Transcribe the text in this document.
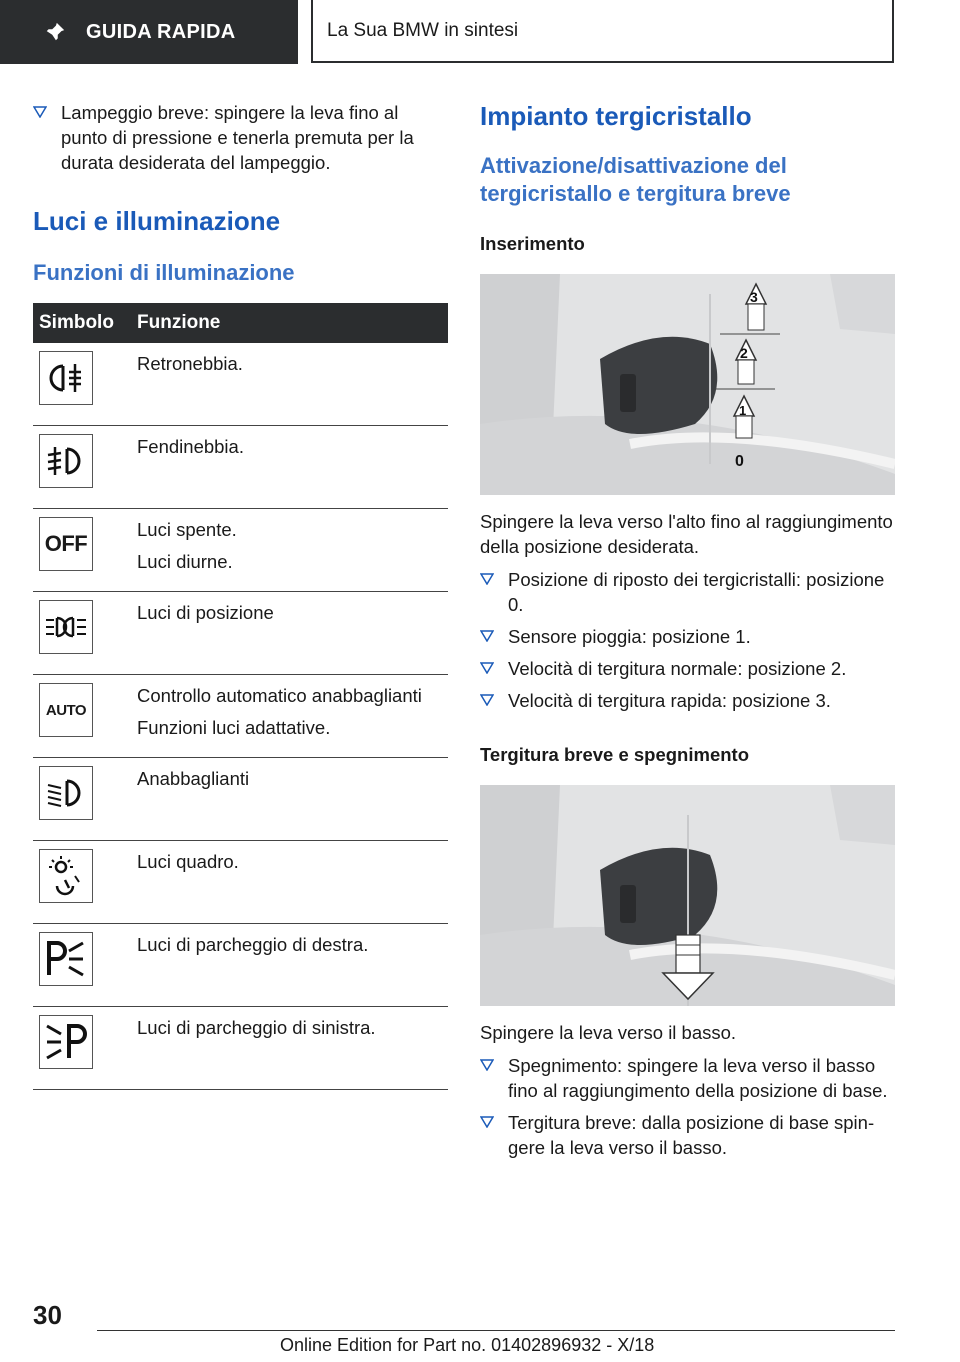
GUIDA RAPIDA	La Sua BMW in sintesi
Lampeggio breve: spingere la leva fino al punto di pressione e tenerla premuta per la durata desiderata del lampeggio.
Luci e illuminazione
Funzioni di illuminazione
Simbolo	Funzione

Retronebbia.

Fendinebbia.

OFF	Luci spente.
Luci diurne.

Luci di posizione

AUTO	Controllo automatico anabbaglianti
Funzioni luci adattative.

Anabbaglianti

Luci quadro.

Luci di parcheggio di destra.

Luci di parcheggio di sinistra.
Impianto tergicristallo
Attivazione/disattivazione del tergicristallo e tergitura breve
Inserimento
3
2
1
0

Spingere la leva verso l'alto fino al raggiungimento della posizione desiderata.

Posizione di riposto dei tergicristalli: posizione 0.
Sensore pioggia: posizione 1.
Velocità di tergitura normale: posizione 2.
Velocità di tergitura rapida: posizione 3.
Tergitura breve e spegnimento

Spingere la leva verso il basso.

Spegnimento: spingere la leva verso il basso fino al raggiungimento della posizione di base.
Tergitura breve: dalla posizione di base spingere la leva verso il basso.
30
Online Edition for Part no. 01402896932 - X/18
